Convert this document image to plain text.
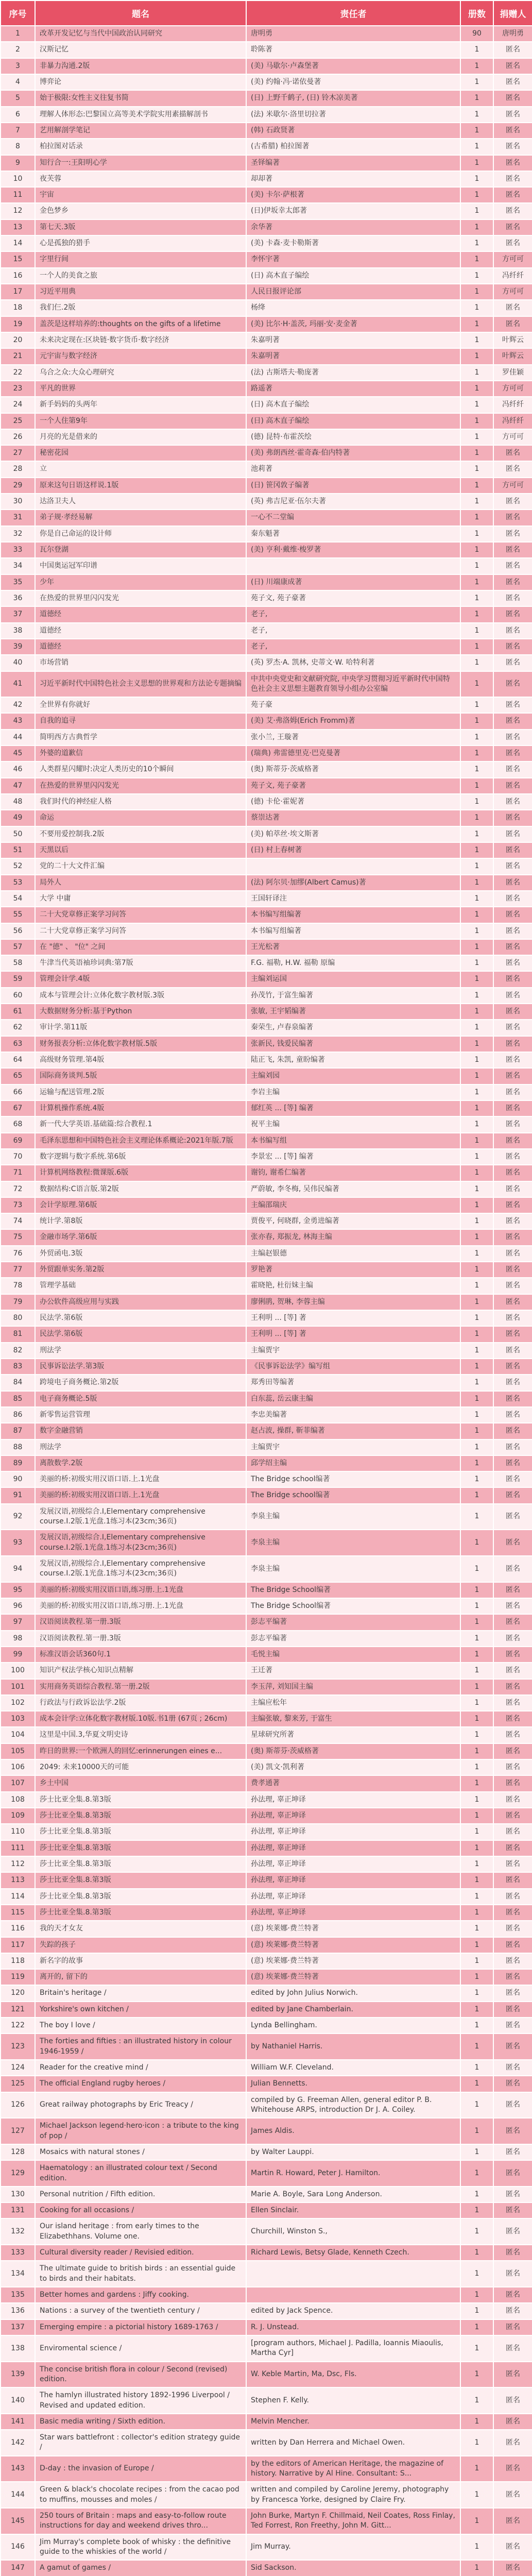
序号	题名	责任者	册数	捐赠人
1	改革开发记忆与当代中国政治认同研究	唐明勇	90	唐明勇
2	汉斯记忆	聆陈著	1	匿名
3	非暴力沟通.2版	(美) 马歇尔·卢森堡著	1	匿名
4	博弈论	(美) 约翰·冯·诺依曼著	1	匿名
5	始于极限:女性主义往复书简	(日) 上野千鹤子, (日) 铃木凉美著	1	匿名
6	理解人体形态:巴黎国立高等美术学院实用素描解剖书	(法) 米歇尔·洛里切拉著	1	匿名
7	艺用解剖学笔记	(韩) 石政贤著	1	匿名
8	柏拉图对话录	(古希腊) 柏拉图著	1	匿名
9	知行合一:王阳明心学	圣铎编著	1	匿名
10	夜芙蓉	却却著	1	匿名
11	宇宙	(美) 卡尔·萨根著	1	匿名
12	金色梦乡	(日)伊坂幸太郎著	1	匿名
13	第七天.3版	余华著	1	匿名
14	心是孤独的猎手	(美) 卡森·麦卡勒斯著	1	匿名
15	字里行间	李怀宇著	1	方可可
16	一个人的美食之旅	(日) 高木直子编绘	1	冯纤纤
17	习近平用典	人民日报评论部	1	方可可
18	我们仨.2版	杨绛	1	匿名
19	盖茨是这样培养的:thoughts on the gifts of a lifetime	(美) 比尔·H·盖茨, 玛丽·安·麦金著	1	匿名
20	未来决定现在:区块链·数字货币·数字经济	朱嘉明著	1	叶辉云
21	元宇宙与数字经济	朱嘉明著	1	叶辉云
22	乌合之众:大众心理研究	(法) 古斯塔夫·勒庞著	1	罗佳颖
23	平凡的世界	路遥著	1	方可可
24	新手妈妈的头两年	(日) 高木直子编绘	1	冯纤纤
25	一个人住第9年	(日) 高木直子编绘	1	冯纤纤
26	月亮的光是借来的	(德) 昆特·布霍茨绘	1	方可可
27	秘密花园	(美) 弗朗西丝·霍奇森·伯内特著	1	匿名
28	立	池莉著	1	匿名
29	原来这句日语这样说.1版	(日) 笹冈敦子编著	1	方可可
30	达洛卫夫人	(英) 弗吉尼亚·伍尔夫著	1	匿名
31	弟子规·孝经易解	一心不二堂编	1	匿名
32	你是自己命运的设计师	秦东魁著	1	匿名
33	瓦尔登湖	(美) 亨利·戴维·梭罗著	1	匿名
34	中国奥运冠军印谱		1	匿名
35	少年	(日) 川端康成著	1	匿名
36	在热爱的世界里闪闪发光	苑子文, 苑子豪著	1	匿名
37	道德经	老子,	1	匿名
38	道德经	老子,	1	匿名
39	道德经	老子,	1	匿名
40	市场营销	(英) 罗杰·A. 凯林, 史蒂文·W. 哈特利著	1	匿名
41	习近平新时代中国特色社会主义思想的世界观和方法论专题摘编	中共中央党史和文献研究院, 中央学习贯彻习近平新时代中国特色社会主义思想主题教育领导小组办公室编	1	匿名
42	全世界有你就好	苑子豪	1	匿名
43	自我的追寻	(美) 艾·弗洛姆(Erich Fromm)著	1	匿名
44	简明西方古典哲学	张小兰, 王璇著	1	匿名
45	外婆的道歉信	(瑞典) 弗雷德里克·巴克曼著	1	匿名
46	人类群星闪耀时:决定人类历史的10个瞬间	(奥) 斯蒂芬·茨威格著	1	匿名
47	在热爱的世界里闪闪发光	苑子文, 苑子豪著	1	匿名
48	我们时代的神经症人格	(德) 卡伦·霍妮著	1	匿名
49	命运	蔡崇达著	1	匿名
50	不要用爱控制我.2版	(美) 帕萃丝·埃文斯著	1	匿名
51	天黑以后	(日) 村上春树著	1	匿名
52	党的二十大文件汇编		1	匿名
53	局外人	(法) 阿尔贝·加缪(Albert Camus)著	1	匿名
54	大学 中庸	王国轩译注	1	匿名
55	二十大党章修正案学习问答	本书编写组编著	1	匿名
56	二十大党章修正案学习问答	本书编写组编著	1	匿名
57	在 "德" 、 "位" 之间	王光松著	1	匿名
58	牛津当代英语袖珍词典:第7版	F.G. 福勒, H.W. 福勒 原编	1	匿名
59	管理会计学.4版	主编刘运国	1	匿名
60	成本与管理会计:立体化数字教材版.3版	孙茂竹, 于富生编著	1	匿名
61	大数据财务分析:基于Python	张敏, 王宇韬编著	1	匿名
62	审计学.第11版	秦荣生, 卢春泉编著	1	匿名
63	财务报表分析:立体化数字教材版.5版	张新民, 钱爱民编著	1	匿名
64	高级财务管理.第4版	陆正飞, 朱凯, 童盼编著	1	匿名
65	国际商务谈判.5版	主编刘园	1	匿名
66	运输与配送管理.2版	李岩主编	1	匿名
67	计算机操作系统.4版	郁红英 ... [等] 编著	1	匿名
68	新一代大学英语.基础篇:综合教程.1	祝平主编	1	匿名
69	毛泽东思想和中国特色社会主义理论体系概论:2021年版.7版	本书编写组	1	匿名
70	数字逻辑与数字系统.第6版	李景宏 ... [等] 编著	1	匿名
71	计算机网络教程:微课版.6版	谢钧, 谢希仁编著	1	匿名
72	数据结构:C语言版.第2版	严蔚敏, 李冬梅, 吴伟民编著	1	匿名
73	会计学原理.第6版	主编邵瑞庆	1	匿名
74	统计学.第8版	贾俊平, 何晓群, 金勇进编著	1	匿名
75	金融市场学.第6版	张亦春, 郑振龙, 林海主编	1	匿名
76	外贸函电.3版	主编赵银德	1	匿名
77	外贸跟单实务.第2版	罗艳著	1	匿名
78	管理学基础	霍晓艳, 杜衍妹主编	1	匿名
79	办公软件高级应用与实践	廖俐鹃, 贺琳, 李蓉主编	1	匿名
80	民法学.第6版	王利明 ... [等] 著	1	匿名
81	民法学.第6版	王利明 ... [等] 著	1	匿名
82	刑法学	主编贾宇	1	匿名
83	民事诉讼法学.第3版	《民事诉讼法学》编写组	1	匿名
84	跨境电子商务概论.第2版	郑秀田等编著	1	匿名
85	电子商务概论.5版	白东蕊, 岳云康主编	1	匿名
86	新零售运营管理	李忠美编著	1	匿名
87	数字金融营销	赵占波, 操群, 靳菲编著	1	匿名
88	刑法学	主编贾宇	1	匿名
89	离散数学.2版	邱学绍主编	1	匿名
90	美丽的桥:初级实用汉语口语.上.1光盘	The Bridge school编著	1	匿名
91	美丽的桥:初级实用汉语口语.上.1光盘	The Bridge school编著	1	匿名
92	发展汉语,初级综合.I,Elementary comprehensive course.Ⅰ.2版.1光盘.1练习本(23cm;36页)	李泉主编	1	匿名
93	发展汉语,初级综合.I,Elementary comprehensive course.Ⅰ.2版.1光盘.1练习本(23cm;36页)	李泉主编	1	匿名
94	发展汉语,初级综合.I,Elementary comprehensive course.Ⅰ.2版.1光盘.1练习本(23cm;36页)	李泉主编	1	匿名
95	美丽的桥:初级实用汉语口语,练习册.上.1光盘	The Bridge School编著	1	匿名
96	美丽的桥:初级实用汉语口语,练习册.上.1光盘	The Bridge School编著	1	匿名
97	汉语阅读教程.第一册.3版	彭志平编著	1	匿名
98	汉语阅读教程.第一册.3版	彭志平编著	1	匿名
99	标准汉语会话360句.1	毛悦主编	1	匿名
100	知识产权法学核心知识点精解	王迁著	1	匿名
101	实用商务英语综合教程.第一册.2版	李玉萍, 刘知国主编	1	匿名
102	行政法与行政诉讼法学.2版	主编应松年	1	匿名
103	成本会计学:立体化数字教材版.10版.书1册 (67页 ; 26cm)	主编张敏, 黎来芳, 于富生	1	匿名
104	这里是中国.3,华夏文明史诗	星球研究所著	1	匿名
105	昨日的世界:一个欧洲人的回忆:erinnerungen eines e...	(奥) 斯蒂芬·茨威格著	1	匿名
106	2049: 未来10000天的可能	(美) 凯文·凯利著	1	匿名
107	乡土中国	费孝通著	1	匿名
108	莎士比亚全集.8.第3版	孙法理, 辜正坤译	1	匿名
109	莎士比亚全集.8.第3版	孙法理, 辜正坤译	1	匿名
110	莎士比亚全集.8.第3版	孙法理, 辜正坤译	1	匿名
111	莎士比亚全集.8.第3版	孙法理, 辜正坤译	1	匿名
112	莎士比亚全集.8.第3版	孙法理, 辜正坤译	1	匿名
113	莎士比亚全集.8.第3版	孙法理, 辜正坤译	1	匿名
114	莎士比亚全集.8.第3版	孙法理, 辜正坤译	1	匿名
115	莎士比亚全集.8.第3版	孙法理, 辜正坤译	1	匿名
116	我的天才女友	(意) 埃莱娜·费兰特著	1	匿名
117	失踪的孩子	(意) 埃莱娜·费兰特著	1	匿名
118	新名字的故事	(意) 埃莱娜·费兰特著	1	匿名
119	离开的, 留下的	(意) 埃莱娜·费兰特著	1	匿名
120	Britain's heritage /	edited by John Julius Norwich.	1	匿名
121	Yorkshire's own kitchen /	edited by Jane Chamberlain.	1	匿名
122	The boy I love /	Lynda Bellingham.	1	匿名
123	The forties and fifties : an illustrated history in colour 1946-1959 /	by Nathaniel Harris.	1	匿名
124	Reader for the creative mind /	William W.F. Cleveland.	1	匿名
125	The official England rugby heroes /	Julian Bennetts.	1	匿名
126	Great railway photographs by Eric Treacy /	compiled by G. Freeman Allen, general editor P. B. Whitehouse ARPS, introduction Dr J. A. Coiley.	1	匿名
127	Michael Jackson legend·hero·icon : a tribute to the king of pop /	James Aldis.	1	匿名
128	Mosaics with natural stones /	by Walter Lauppi.	1	匿名
129	Haematology : an illustrated colour text / Second edition.	Martin R. Howard, Peter J. Hamilton.	1	匿名
130	Personal nutrition / Fifth edition.	Marie A. Boyle, Sara Long Anderson.	1	匿名
131	Cooking for all occasions /	Ellen Sinclair.	1	匿名
132	Our island heritage : from early times to the Elizabethhans. Volume one.	Churchill, Winston S.,	1	匿名
133	Cultural diversity reader / Revisied edition.	Richard Lewis, Betsy Glade, Kenneth Czech.	1	匿名
134	The ultimate guide to british birds : an essential guide to birds and their habitats.		1	匿名
135	Better homes and gardens : Jiffy cooking.		1	匿名
136	Nations : a survey of the twentieth century /	edited by Jack Spence.	1	匿名
137	Emerging empire : a pictorial history 1689-1763 /	R. J. Unstead.	1	匿名
138	Enviromental science /	[program authors, Michael J. Padilla, Ioannis Miaoulis, Martha Cyr]	1	匿名
139	The concise british flora in colour / Second (revised) edition.	W. Keble Martin, Ma, Dsc, Fls.	1	匿名
140	The hamlyn illustrated history 1892-1996 Liverpool / Revised and updated edition.	Stephen F. Kelly.	1	匿名
141	Basic media writing / Sixth edition.	Melvin Mencher.	1	匿名
142	Star wars battlefront : collector's edition strategy guide /	written by Dan Herrera and Michael Owen.	1	匿名
143	D-day : the invasion of Europe /	by the editors of American Heritage, the magazine of history. Narrative by Al Hine. Consultant: S...	1	匿名
144	Green & black's chocolate recipes : from the cacao pod to muffins, mousses and moles /	written and compiled by Caroline Jeremy, photography by Francesca Yorke, designed by Claire Fry.	1	匿名
145	250 tours of Britain : maps and easy-to-follow route instructions for day and weekend drives thro...	John Burke, Martyn F. Chillmaid, Neil Coates, Ross Finlay, Ted Forrest, Ron Freethy, John M. Gitt...	1	匿名
146	Jim Murray's complete book of whisky : the definitive guide to the whiskies of the world /	Jim Murray.	1	匿名
147	A gamut of games /	Sid Sackson.	1	匿名
